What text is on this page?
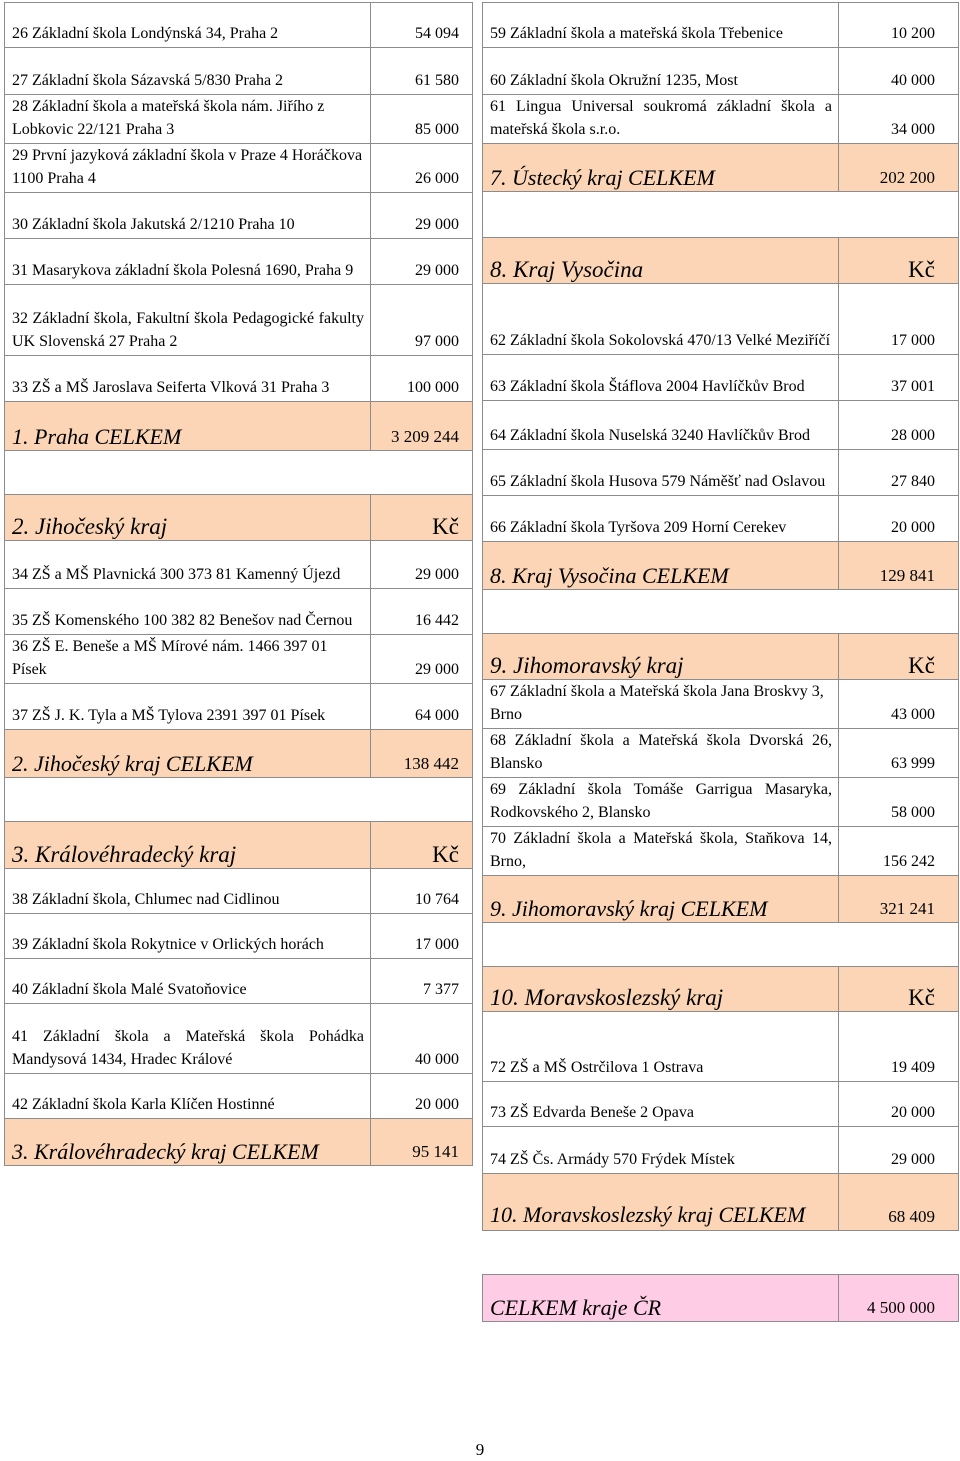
26 Základní škola Londýnská 34, Praha 2	54 094
27 Základní škola Sázavská 5/830 Praha 2	61 580
28 Základní škola a mateřská škola nám. Jiřího z Lobkovic 22/121 Praha 3	85 000
29 První jazyková základní škola v Praze 4 Horáčkova 1100 Praha 4	26 000
30 Základní škola Jakutská 2/1210 Praha 10	29 000
31 Masarykova základní škola Polesná 1690, Praha 9	29 000
32 Základní škola, Fakultní škola Pedagogické fakulty UK Slovenská 27 Praha 2	97 000
33 ZŠ a MŠ Jaroslava Seiferta Vlková 31 Praha 3	100 000
1. Praha CELKEM	3 209 244

2. Jihočeský kraj	Kč
34 ZŠ a MŠ Plavnická 300 373 81 Kamenný Újezd	29 000
35 ZŠ Komenského 100 382 82 Benešov nad Černou	16 442
36 ZŠ E. Beneše a MŠ Mírové nám. 1466 397 01 Písek	29 000
37 ZŠ J. K. Tyla a MŠ Tylova 2391 397 01 Písek	64 000
2. Jihočeský kraj CELKEM	138 442

3. Královéhradecký kraj	Kč
38 Základní škola, Chlumec nad Cidlinou	10 764
39 Základní škola Rokytnice v Orlických horách	17 000
40 Základní škola Malé Svatoňovice	7 377
41 Základní škola a Mateřská škola Pohádka Mandysová 1434, Hradec Králové	40 000
42 Základní škola Karla Klíčen Hostinné	20 000
3. Královéhradecký kraj CELKEM	95 141
59 Základní škola a mateřská škola Třebenice	10 200
60 Základní škola Okružní 1235, Most	40 000
61 Lingua Universal soukromá základní škola a mateřská škola s.r.o.	34 000
7. Ústecký kraj CELKEM	202 200

8. Kraj Vysočina	Kč
62 Základní škola Sokolovská 470/13 Velké Meziříčí	17 000
63 Základní škola Štáflova 2004 Havlíčkův Brod	37 001
64 Základní škola Nuselská 3240 Havlíčkův Brod	28 000
65 Základní škola Husova 579 Náměšť nad Oslavou	27 840
66 Základní škola Tyršova 209 Horní Cerekev	20 000
8. Kraj Vysočina CELKEM	129 841

9. Jihomoravský kraj	Kč
67 Základní škola a Mateřská škola Jana Broskvy 3, Brno	43 000
68 Základní škola a Mateřská škola Dvorská 26, Blansko	63 999
69 Základní škola Tomáše Garrigua Masaryka, Rodkovského 2, Blansko	58 000
70 Základní škola a Mateřská škola, Staňkova 14, Brno,	156 242
9. Jihomoravský kraj CELKEM	321 241

10. Moravskoslezský kraj	Kč
72 ZŠ a MŠ Ostrčilova 1 Ostrava	19 409
73 ZŠ Edvarda Beneše 2 Opava	20 000
74 ZŠ Čs. Armády 570 Frýdek Místek	29 000
10. Moravskoslezský kraj CELKEM	68 409

CELKEM kraje ČR	4 500 000
9
